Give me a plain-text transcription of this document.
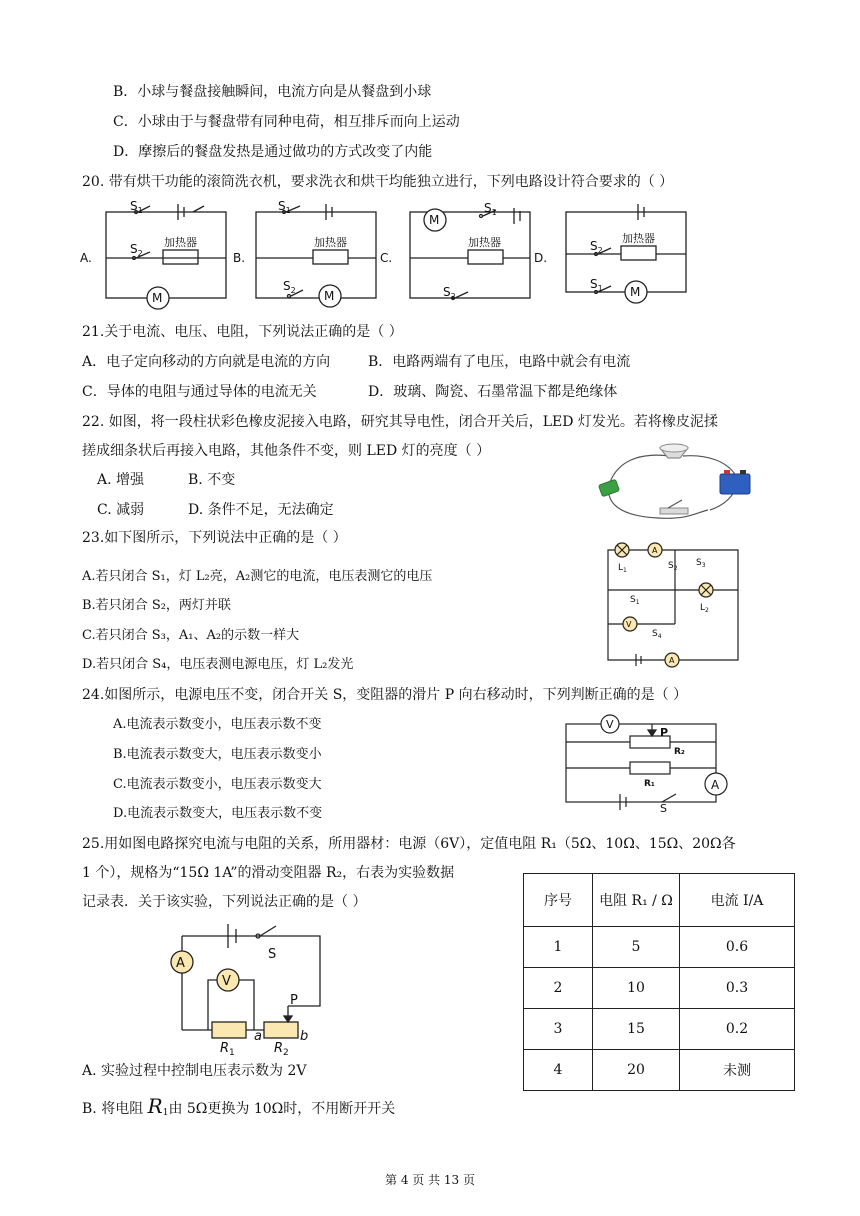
B．小球与餐盘接触瞬间，电流方向是从餐盘到小球
C．小球由于与餐盘带有同种电荷，相互排斥而向上运动
D．摩擦后的餐盘发热是通过做功的方式改变了内能
20. 带有烘干功能的滚筒洗衣机，要求洗衣和烘干均能独立进行，下列电路设计符合要求的（ ）
A.	B.	C.	D.
$S_1$
$S_2$
加热器
M
$S_1$
加热器
$S_2$ M
M
$S_1$
加热器
$S_2$
$S_2$
加热器
$S_1$ M
21.关于电流、电压、电阻，下列说法正确的是（ ）
A．电子定向移动的方向就是电流的方向	B．电路两端有了电压，电路中就会有电流
C．导体的电阻与通过导体的电流无关	D．玻璃、陶瓷、石墨常温下都是绝缘体
22. 如图，将一段柱状彩色橡皮泥接入电路，研究其导电性，闭合开关后，LED 灯发光。若将橡皮泥揉
搓成细条状后再接入电路，其他条件不变，则 LED 灯的亮度（ ）
A. 增强	B. 不变
C. 减弱	D. 条件不足，无法确定
23.如下图所示，下列说法中正确的是（ ）
A.若只闭合 S₁，灯 L₂亮，A₂测它的电流，电压表测它的电压
B.若只闭合 S₂，两灯并联
C.若只闭合 S₃，A₁、A₂的示数一样大
D.若只闭合 S₄，电压表测电源电压，灯 L₂发光
$L_1$
$L_2$
A
V
A
$S_2$
$S_3$
$S_1$
$S_4$
24.如图所示，电源电压不变，闭合开关 S，变阻器的滑片 P 向右移动时，下列判断正确的是（ ）
A.电流表示数变小，电压表示数不变
B.电流表示数变大，电压表示数变小
C.电流表示数变小，电压表示数变大
D.电流表示数变大，电压表示数不变
V
A
P
R₂
R₁
S
25.用如图电路探究电流与电阻的关系，所用器材：电源（6V），定值电阻 R₁（5Ω、10Ω、15Ω、20Ω各
1 个），规格为“15Ω 1A”的滑动变阻器 R₂，右表为实验数据
记录表．关于该实验，下列说法正确的是（ ）
A
V
S
P
a	b
$R_1$	$R_2$
序号	电阻 R₁ / Ω	电流 I/A
1	5	0.6
2	10	0.3
3	15	0.2
4	20	未测
A. 实验过程中控制电压表示数为 2V
B. 将电阻 $R_1$由 5Ω更换为 10Ω时，不用断开开关
第 4 页 共 13 页
